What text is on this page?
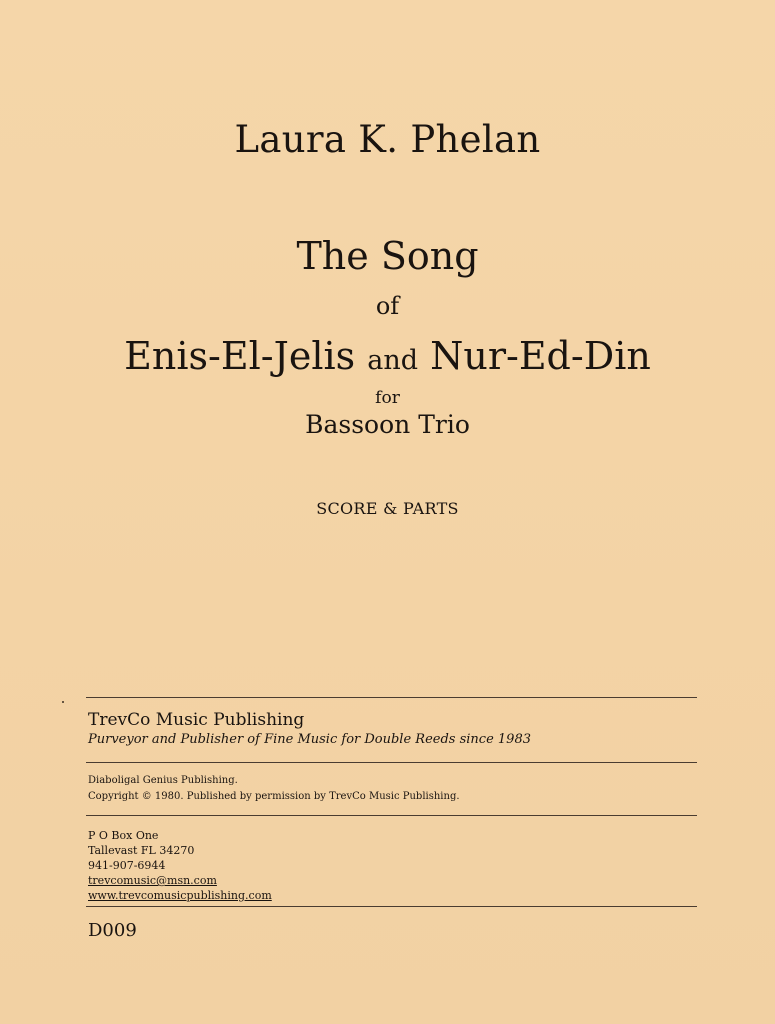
Laura K. Phelan
The Song
of
Enis-El-Jelis and Nur-Ed-Din
for
Bassoon Trio
SCORE & PARTS
TrevCo Music Publishing
Purveyor and Publisher of Fine Music for Double Reeds since 1983
Diaboligal Genius Publishing.
Copyright © 1980. Published by permission by TrevCo Music Publishing.
P O Box One
Tallevast FL 34270
941-907-6944
trevcomusic@msn.com
www.trevcomusicpublishing.com
D009
